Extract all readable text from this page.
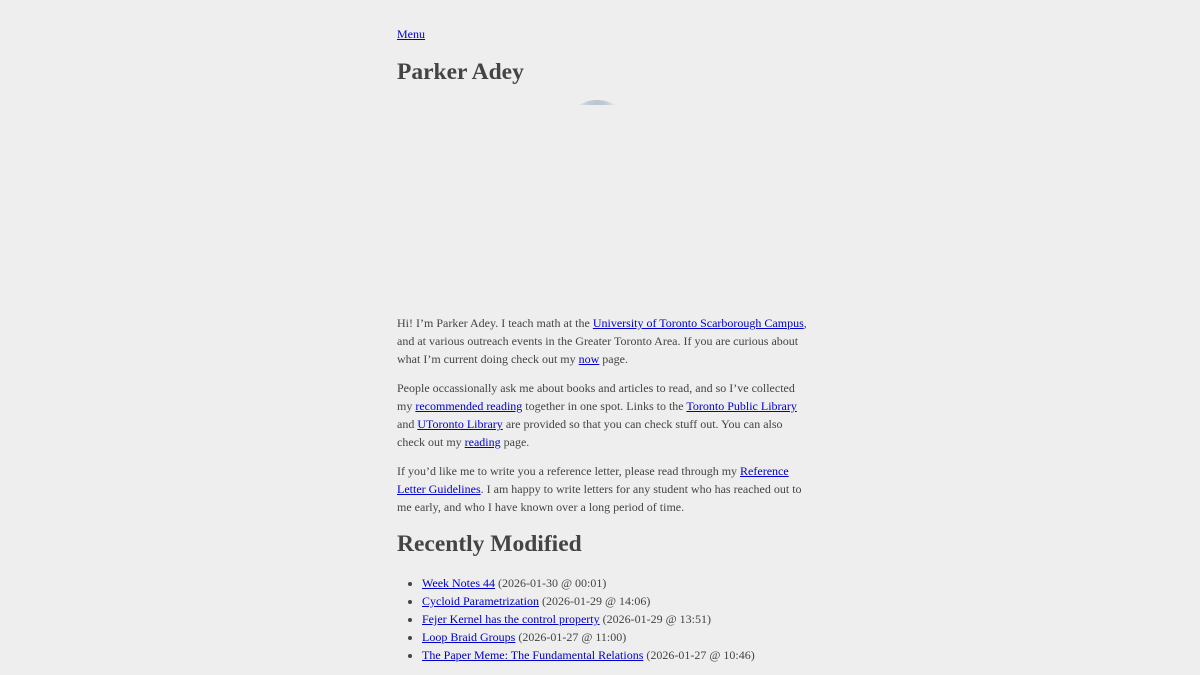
Menu
Parker Adey

Hi! I’m Parker Adey. I teach math at the University of Toronto Scarborough Campus, and at various outreach events in the Greater Toronto Area. If you are curious about what I’m current doing check out my now page.

People occassionally ask me about books and articles to read, and so I’ve collected my recommended reading together in one spot. Links to the Toronto Public Library and UToronto Library are provided so that you can check stuff out. You can also check out my reading page.

If you’d like me to write you a reference letter, please read through my Reference Letter Guidelines. I am happy to write letters for any student who has reached out to me early, and who I have known over a long period of time.

Recently Modified
• Week Notes 44 (2026-01-30 @ 00:01)
• Cycloid Parametrization (2026-01-29 @ 14:06)
• Fejer Kernel has the control property (2026-01-29 @ 13:51)
• Loop Braid Groups (2026-01-27 @ 11:00)
• The Paper Meme: The Fundamental Relations (2026-01-27 @ 10:46)
